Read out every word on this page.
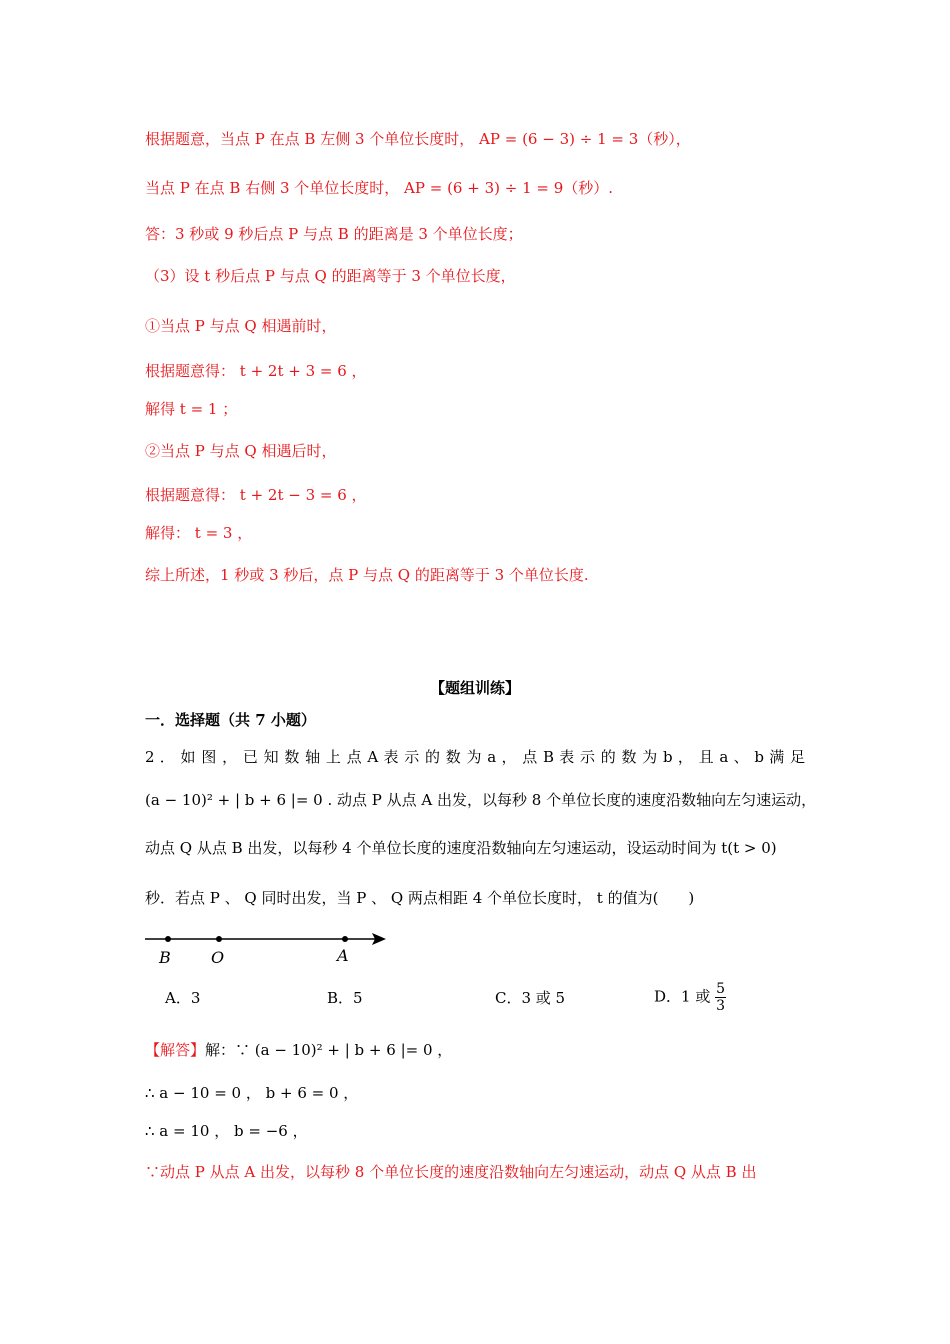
根据题意，当点 P 在点 B 左侧 3 个单位长度时， AP = (6 − 3) ÷ 1 = 3（秒），
当点 P 在点 B 右侧 3 个单位长度时， AP = (6 + 3) ÷ 1 = 9（秒）.
答：3 秒或 9 秒后点 P 与点 B 的距离是 3 个单位长度；
（3）设 t 秒后点 P 与点 Q 的距离等于 3 个单位长度，
①当点 P 与点 Q 相遇前时，
根据题意得： t + 2t + 3 = 6 ，
解得 t = 1 ；
②当点 P 与点 Q 相遇后时，
根据题意得： t + 2t − 3 = 6 ，
解得： t = 3 ，
综上所述，1 秒或 3 秒后，点 P 与点 Q 的距离等于 3 个单位长度.
【题组训练】
一．选择题（共 7 小题）
2 ． 如 图 ， 已 知 数 轴 上 点 A 表 示 的 数 为 a ， 点 B 表 示 的 数 为 b ， 且 a 、 b 满 足
(a − 10)² + | b + 6 |= 0 . 动点 P 从点 A 出发，以每秒 8 个单位长度的速度沿数轴向左匀速运动，
动点 Q 从点 B 出发，以每秒 4 个单位长度的速度沿数轴向左匀速运动，设运动时间为 t(t > 0)
秒．若点 P 、 Q 同时出发，当 P 、 Q 两点相距 4 个单位长度时， t 的值为(　　)
B	O	A
A．3	B．5	C．3 或 5	D．1 或 $\frac{5}{3}$
【解答】解：∵ (a − 10)² + | b + 6 |= 0 ，
∴ a − 10 = 0 ， b + 6 = 0 ，
∴ a = 10 ， b = −6 ，
∵动点 P 从点 A 出发，以每秒 8 个单位长度的速度沿数轴向左匀速运动，动点 Q 从点 B 出
